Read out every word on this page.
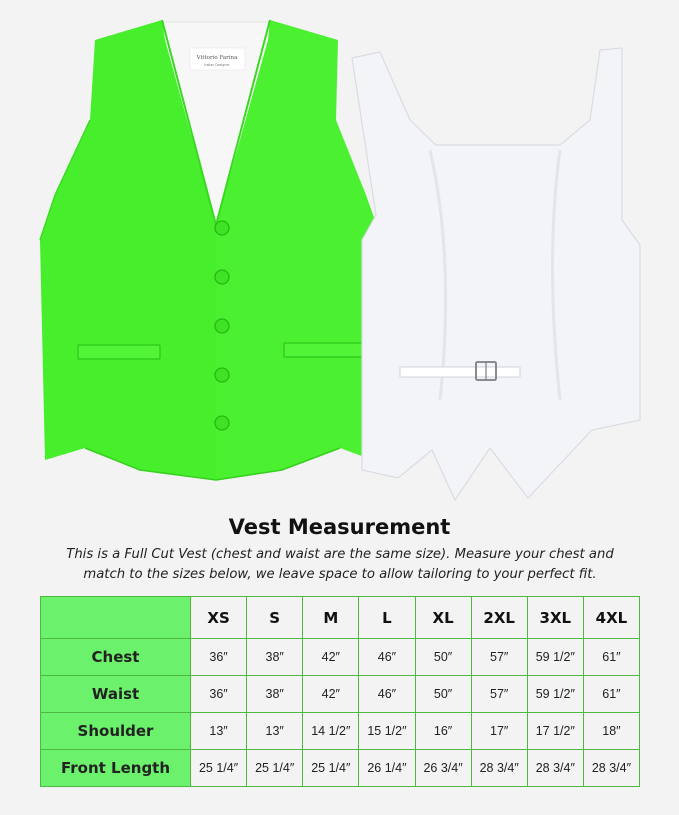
Vittorio Farina
Italian Designer
Vest Measurement
This is a Full Cut Vest (chest and waist are the same size). Measure your chest and
match to the sizes below, we leave space to allow tailoring to your perfect fit.
	XS	S	M	L	XL	2XL	3XL	4XL
Chest	36″	38″	42″	46″	50″	57″	59 1/2″	61″
Waist	36″	38″	42″	46″	50″	57″	59 1/2″	61″
Shoulder	13″	13″	14 1/2″	15 1/2″	16″	17″	17 1/2″	18″
Front Length	25 1/4″	25 1/4″	25 1/4″	26 1/4″	26 3/4″	28 3/4″	28 3/4″	28 3/4″
